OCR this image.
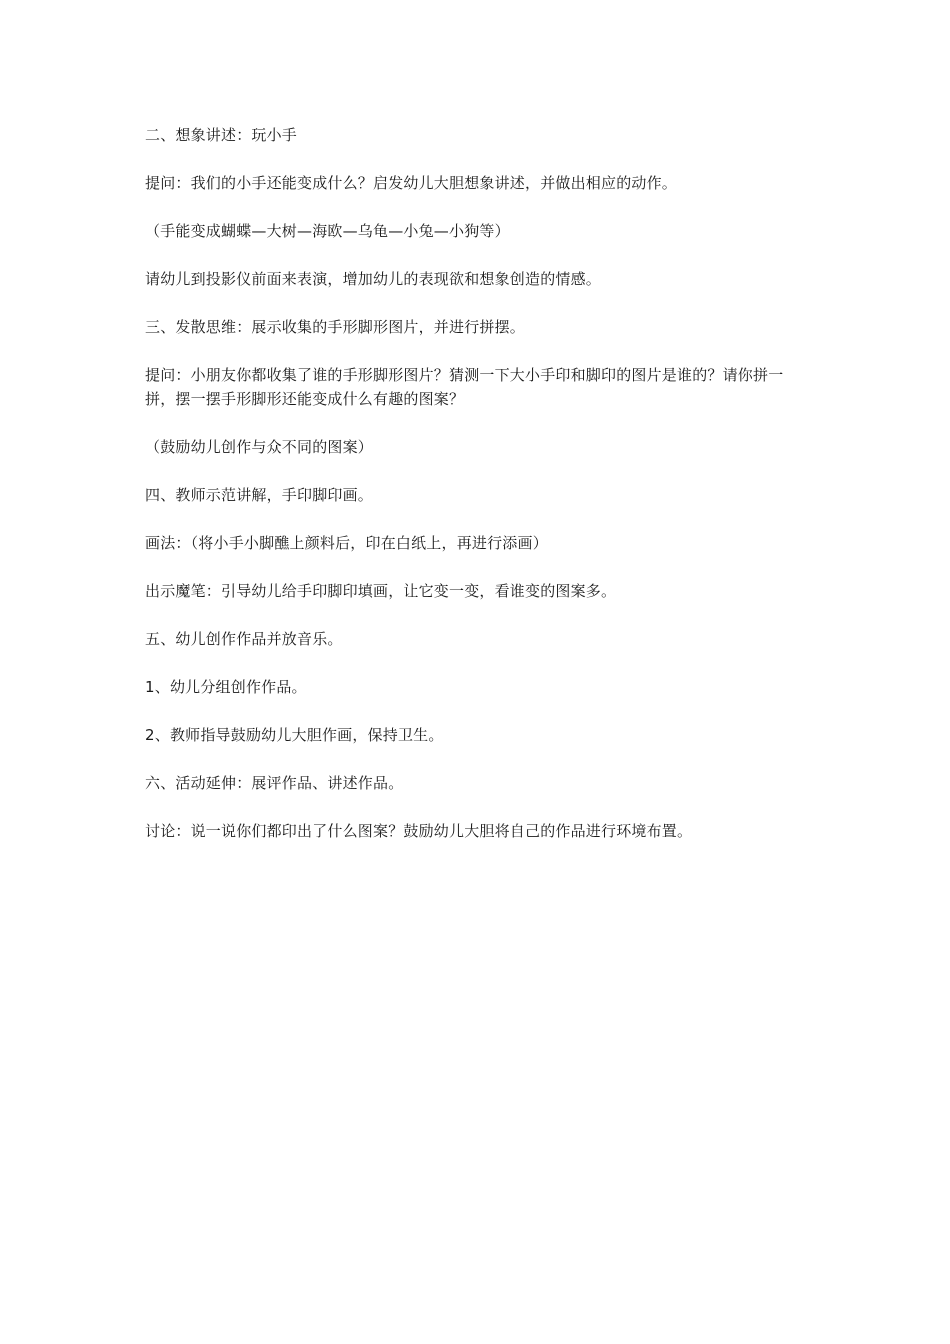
二、想象讲述：玩小手

提问：我们的小手还能变成什么？启发幼儿大胆想象讲述，并做出相应的动作。

（手能变成蝴蝶—大树—海欧—乌龟—小兔—小狗等）

请幼儿到投影仪前面来表演，增加幼儿的表现欲和想象创造的情感。

三、发散思维：展示收集的手形脚形图片，并进行拼摆。

提问：小朋友你都收集了谁的手形脚形图片？猜测一下大小手印和脚印的图片是谁的？请你拼一拼，摆一摆手形脚形还能变成什么有趣的图案？

（鼓励幼儿创作与众不同的图案）

四、教师示范讲解，手印脚印画。

画法：（将小手小脚醮上颜料后，印在白纸上，再进行添画）

出示魔笔：引导幼儿给手印脚印填画，让它变一变，看谁变的图案多。

五、幼儿创作作品并放音乐。

1、幼儿分组创作作品。

2、教师指导鼓励幼儿大胆作画，保持卫生。

六、活动延伸：展评作品、讲述作品。

讨论：说一说你们都印出了什么图案？鼓励幼儿大胆将自己的作品进行环境布置。
